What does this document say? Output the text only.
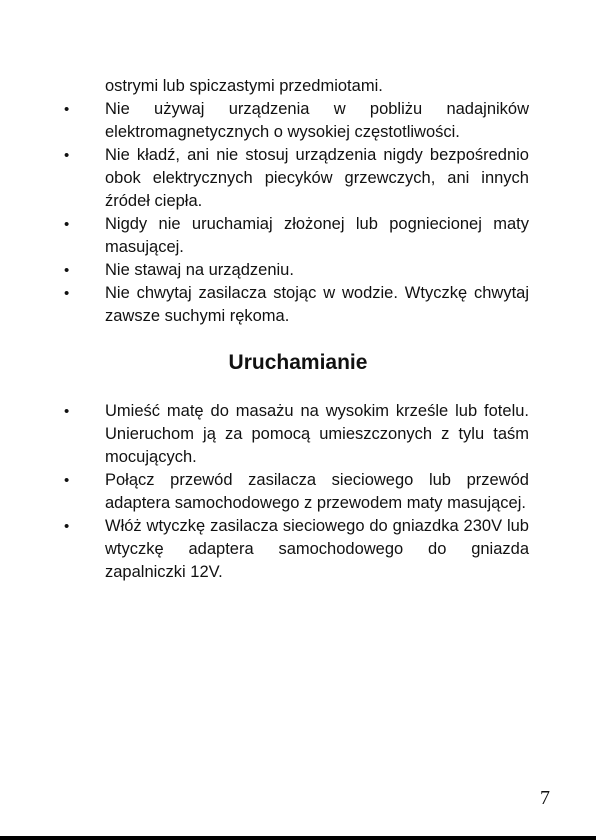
ostrymi lub spiczastymi przedmiotami.
• Nie używaj urządzenia w pobliżu nadajników elektromagnetycznych o wysokiej częstotliwości.
• Nie kładź, ani nie stosuj urządzenia nigdy bezpośrednio obok elektrycznych piecyków grzewczych, ani innych źródeł ciepła.
• Nigdy nie uruchamiaj złożonej lub pogniecionej maty masującej.
• Nie stawaj na urządzeniu.
• Nie chwytaj zasilacza stojąc w wodzie. Wtyczkę chwytaj zawsze suchymi rękoma.
Uruchamianie
• Umieść matę do masażu na wysokim krześle lub fotelu. Unieruchom ją za pomocą umieszczonych z tylu taśm mocujących.
• Połącz przewód zasilacza sieciowego lub przewód adaptera samochodowego z przewodem maty masującej.
• Włóż wtyczkę zasilacza sieciowego do gniazdka 230V lub wtyczkę adaptera samochodowego do gniazda zapalniczki 12V.
7
